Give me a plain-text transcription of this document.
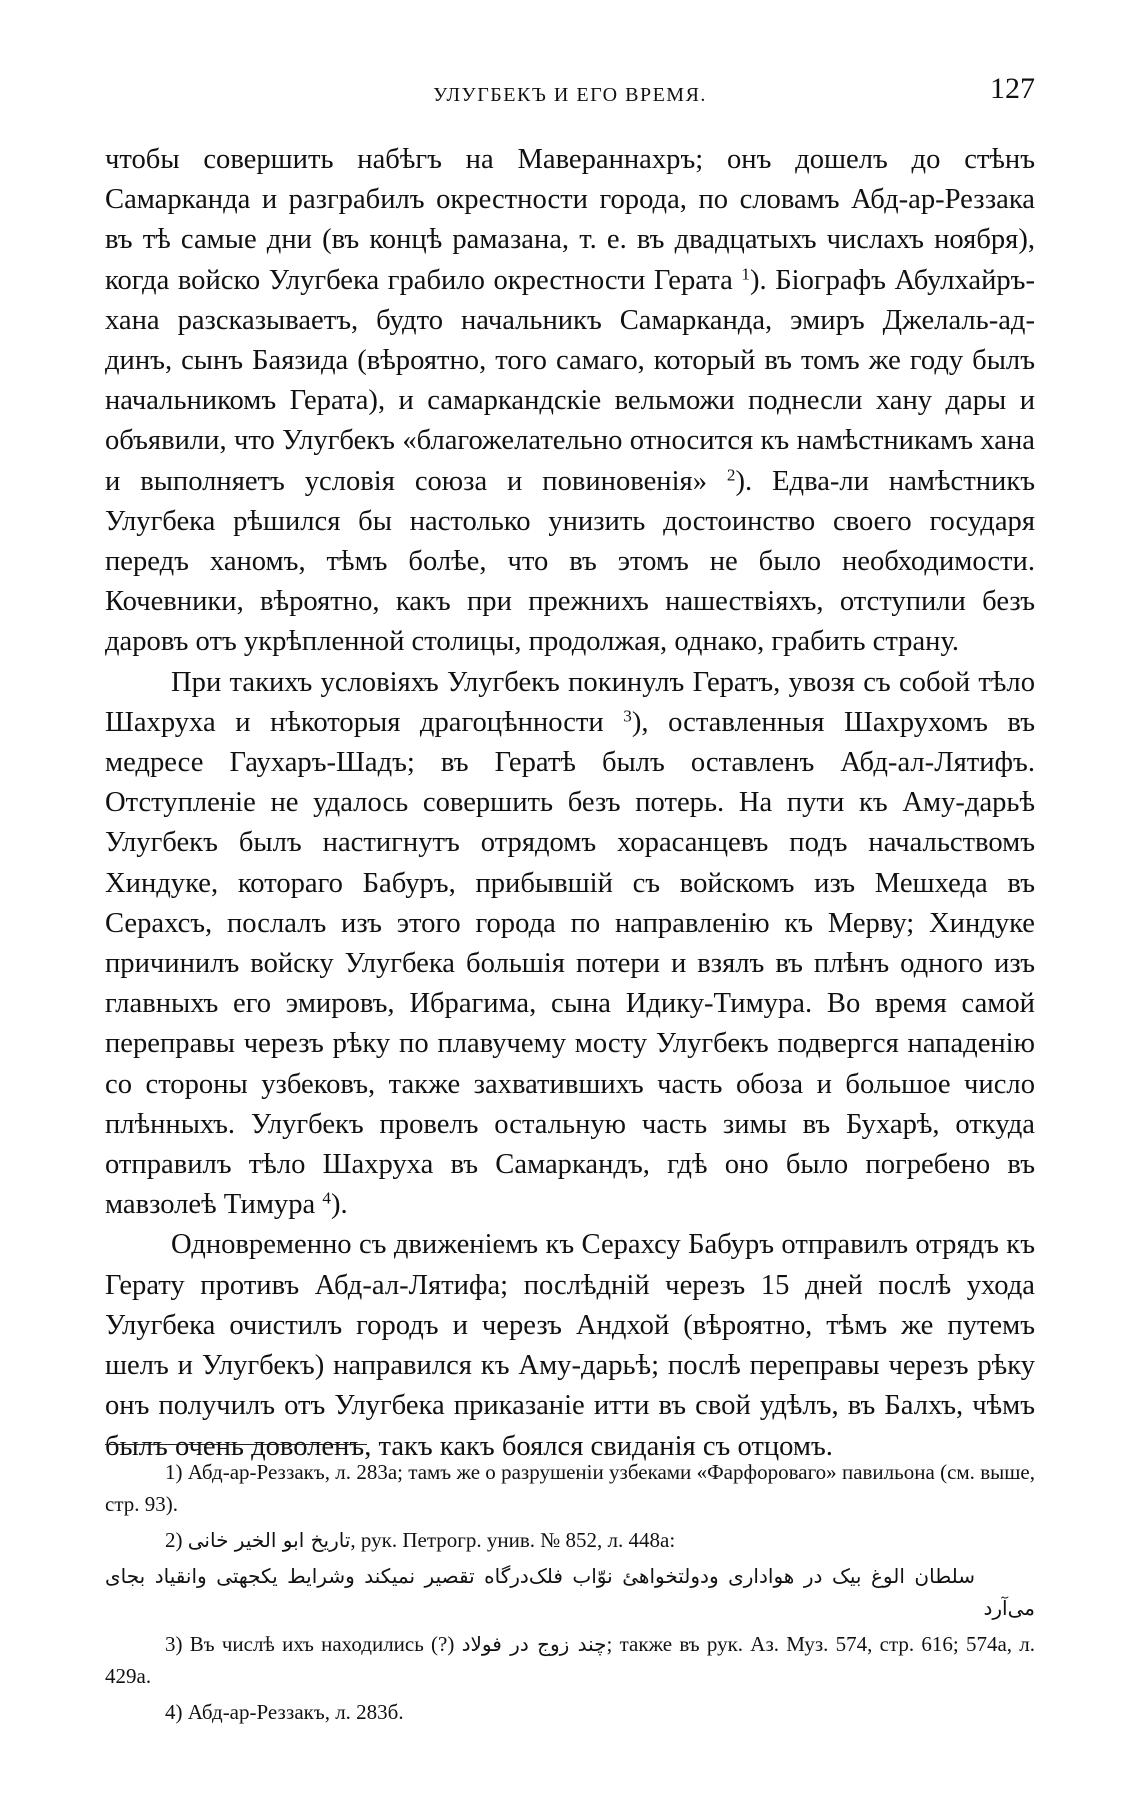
УЛУГБЕКЪ И ЕГО ВРЕМЯ.	127

чтобы совершить набѣгъ на Мавераннахръ; онъ дошелъ до стѣнъ Самарканда и разграбилъ окрестности города, по словамъ Абд-ар-Реззака въ тѣ самые дни (въ концѣ рамазана, т. е. въ двадцатыхъ числахъ ноября), когда войско Улугбека грабило окрестности Герата $^1$). Біографъ Абулхайръ-хана разсказываетъ, будто начальникъ Самарканда, эмиръ Джелаль-ад-динъ, сынъ Баязида (вѣроятно, того самаго, который въ томъ же году былъ начальникомъ Герата), и самаркандскіе вельможи поднесли хану дары и объявили, что Улугбекъ «благожелательно относится къ намѣстникамъ хана и выполняетъ условія союза и повиновенія» $^2$). Едва-ли намѣстникъ Улугбека рѣшился бы настолько унизить достоинство своего государя передъ ханомъ, тѣмъ болѣе, что въ этомъ не было необходимости. Кочевники, вѣроятно, какъ при прежнихъ нашествіяхъ, отступили безъ даровъ отъ укрѣпленной столицы, продолжая, однако, грабить страну.

При такихъ условіяхъ Улугбекъ покинулъ Гератъ, увозя съ собой тѣло Шахруха и нѣкоторыя драгоцѣнности $^3$), оставленныя Шахрухомъ въ медресе Гаухаръ-Шадъ; въ Гератѣ былъ оставленъ Абд-ал-Лятифъ. Отступленіе не удалось совершить безъ потерь. На пути къ Аму-дарьѣ Улугбекъ былъ настигнутъ отрядомъ хорасанцевъ подъ начальствомъ Хиндуке, котораго Бабуръ, прибывшій съ войскомъ изъ Мешхеда въ Серахсъ, послалъ изъ этого города по направленію къ Мерву; Хиндуке причинилъ войску Улугбека большія потери и взялъ въ плѣнъ одного изъ главныхъ его эмировъ, Ибрагима, сына Идику-Тимура. Во время самой переправы черезъ рѣку по плавучему мосту Улугбекъ подвергся нападенію со стороны узбековъ, также захватившихъ часть обоза и большое число плѣнныхъ. Улугбекъ провелъ остальную часть зимы въ Бухарѣ, откуда отправилъ тѣло Шахруха въ Самаркандъ, гдѣ оно было погребено въ мавзолеѣ Тимура $^4$).

Одновременно съ движеніемъ къ Серахсу Бабуръ отправилъ отрядъ къ Герату противъ Абд-ал-Лятифа; послѣдній черезъ 15 дней послѣ ухода Улугбека очистилъ городъ и черезъ Андхой (вѣроятно, тѣмъ же путемъ шелъ и Улугбекъ) направился къ Аму-дарьѣ; послѣ переправы черезъ рѣку онъ получилъ отъ Улугбека приказаніе итти въ свой удѣлъ, въ Балхъ, чѣмъ былъ очень доволенъ, такъ какъ боялся свиданія съ отцомъ.

1) Абд-ар-Реззакъ, л. 283а; тамъ же о разрушеніи узбеками «Фарфороваго» павильона (см. выше, стр. 93).

2) تاریخ ابو الخیر خانی, рук. Петрогр. унив. № 852, л. 448а:

سلطان الوغ بیک در هواداری ودولتخواهئ نوّاب فلک‌درگاه تقصیر نمیکند وشرایط یکجهتی وانقیاد بجای می‌آرد

3) Въ числѣ ихъ находились (?) چند زوج در فولاد; также въ рук. Аз. Муз. 574, стр. 616; 574а, л. 429а.

4) Абд-ар-Реззакъ, л. 283б.
